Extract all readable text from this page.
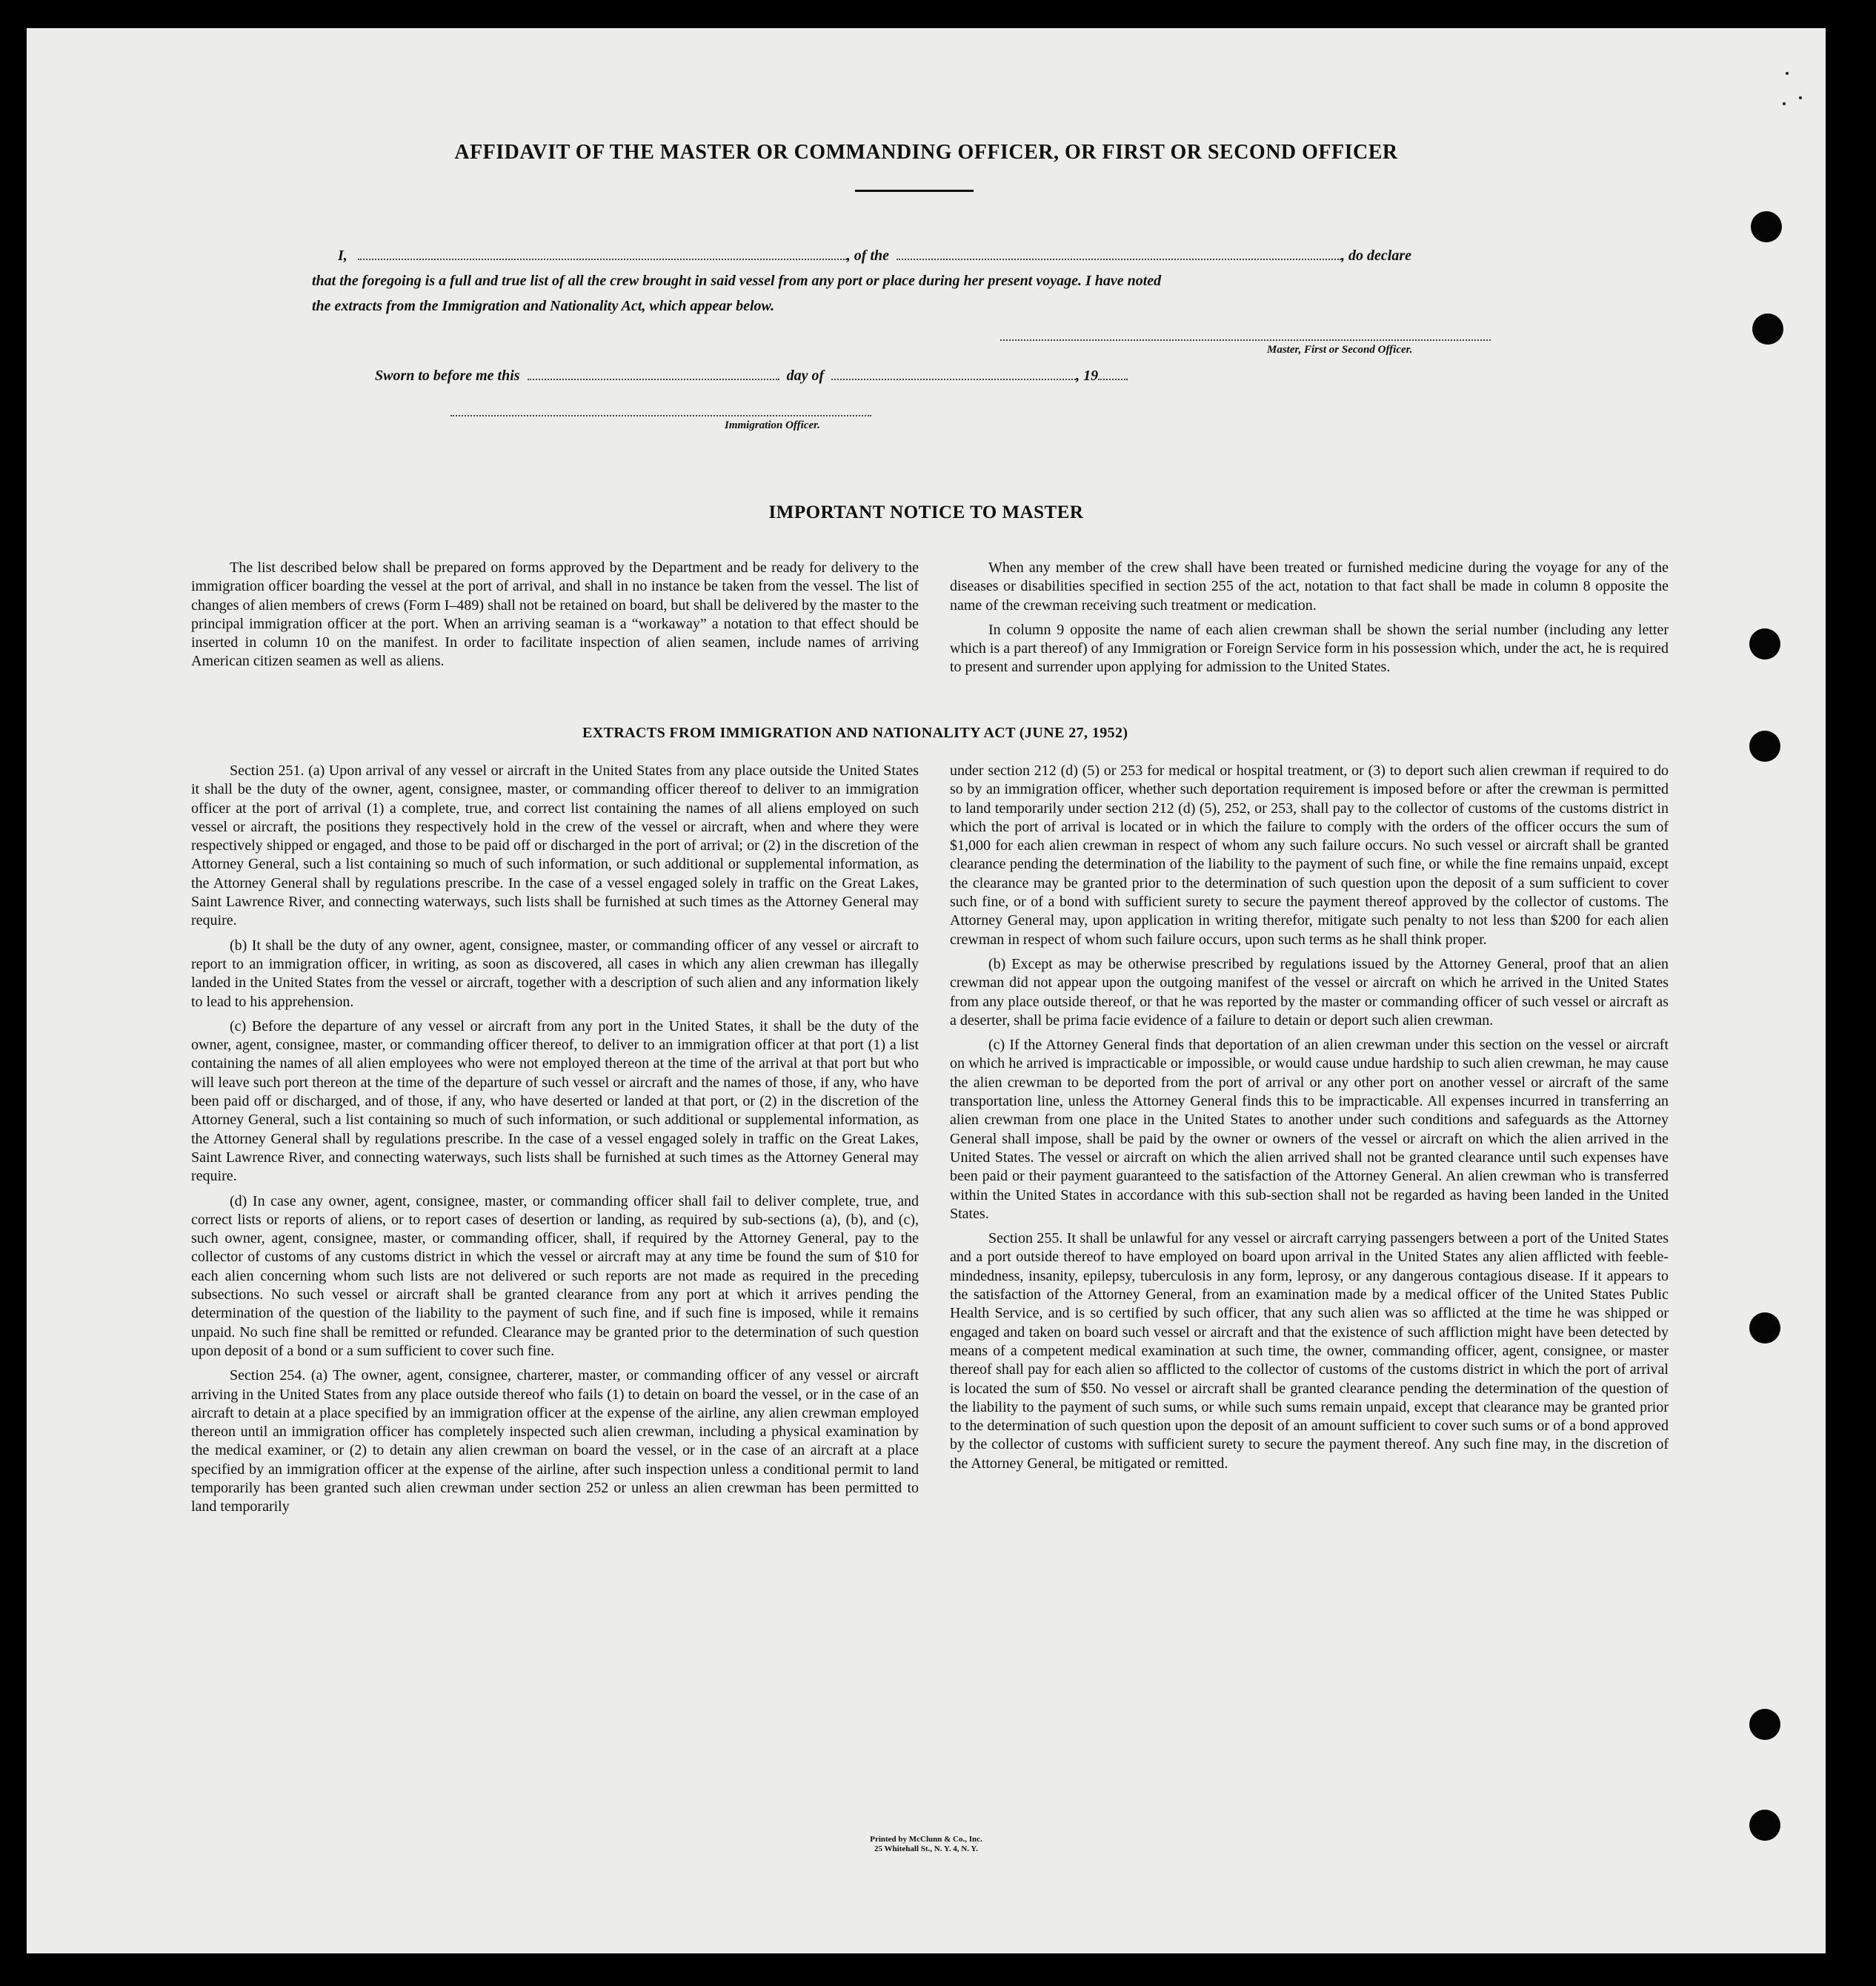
AFFIDAVIT OF THE MASTER OR COMMANDING OFFICER, OR FIRST OR SECOND OFFICER
I,	, of the	, do declare
that the foregoing is a full and true list of all the crew brought in said vessel from any port or place during her present voyage. I have noted
the extracts from the Immigration and Nationality Act, which appear below.
Master, First or Second Officer.
Sworn to before me this	day of	, 19
Immigration Officer.
IMPORTANT NOTICE TO MASTER

The list described below shall be prepared on forms approved by the Department and be ready for delivery to the immigration officer boarding the vessel at the port of arrival, and shall in no instance be taken from the vessel. The list of changes of alien members of crews (Form I–489) shall not be retained on board, but shall be delivered by the master to the principal immigration officer at the port. When an arriving seaman is a “workaway” a notation to that effect should be inserted in column 10 on the manifest. In order to facilitate inspection of alien seamen, include names of arriving American citizen seamen as well as aliens.

When any member of the crew shall have been treated or furnished medicine during the voyage for any of the diseases or disabilities specified in section 255 of the act, notation to that fact shall be made in column 8 opposite the name of the crewman receiving such treatment or medication.

In column 9 opposite the name of each alien crewman shall be shown the serial number (including any letter which is a part thereof) of any Immigration or Foreign Service form in his possession which, under the act, he is required to present and surrender upon applying for admission to the United States.

EXTRACTS FROM IMMIGRATION AND NATIONALITY ACT (JUNE 27, 1952)

Section 251. (a) Upon arrival of any vessel or aircraft in the United States from any place outside the United States it shall be the duty of the owner, agent, consignee, master, or commanding officer thereof to deliver to an immigration officer at the port of arrival (1) a complete, true, and correct list containing the names of all aliens employed on such vessel or aircraft, the positions they respectively hold in the crew of the vessel or aircraft, when and where they were respectively shipped or engaged, and those to be paid off or discharged in the port of arrival; or (2) in the discretion of the Attorney General, such a list containing so much of such information, or such additional or supplemental information, as the Attorney General shall by regulations prescribe. In the case of a vessel engaged solely in traffic on the Great Lakes, Saint Lawrence River, and connecting waterways, such lists shall be furnished at such times as the Attorney General may require.

(b) It shall be the duty of any owner, agent, consignee, master, or commanding officer of any vessel or aircraft to report to an immigration officer, in writing, as soon as discovered, all cases in which any alien crewman has illegally landed in the United States from the vessel or aircraft, together with a description of such alien and any information likely to lead to his apprehension.

(c) Before the departure of any vessel or aircraft from any port in the United States, it shall be the duty of the owner, agent, consignee, master, or commanding officer thereof, to deliver to an immigration officer at that port (1) a list containing the names of all alien employees who were not employed thereon at the time of the arrival at that port but who will leave such port thereon at the time of the departure of such vessel or aircraft and the names of those, if any, who have been paid off or discharged, and of those, if any, who have deserted or landed at that port, or (2) in the discretion of the Attorney General, such a list containing so much of such information, or such additional or supplemental information, as the Attorney General shall by regulations prescribe. In the case of a vessel engaged solely in traffic on the Great Lakes, Saint Lawrence River, and connecting waterways, such lists shall be furnished at such times as the Attorney General may require.

(d) In case any owner, agent, consignee, master, or commanding officer shall fail to deliver complete, true, and correct lists or reports of aliens, or to report cases of desertion or landing, as required by sub-sections (a), (b), and (c), such owner, agent, consignee, master, or commanding officer, shall, if required by the Attorney General, pay to the collector of customs of any customs district in which the vessel or aircraft may at any time be found the sum of $10 for each alien concerning whom such lists are not delivered or such reports are not made as required in the preceding subsections. No such vessel or aircraft shall be granted clearance from any port at which it arrives pending the determination of the question of the liability to the payment of such fine, and if such fine is imposed, while it remains unpaid. No such fine shall be remitted or refunded. Clearance may be granted prior to the determination of such question upon deposit of a bond or a sum sufficient to cover such fine.

Section 254. (a) The owner, agent, consignee, charterer, master, or commanding officer of any vessel or aircraft arriving in the United States from any place outside thereof who fails (1) to detain on board the vessel, or in the case of an aircraft to detain at a place specified by an immigration officer at the expense of the airline, any alien crewman employed thereon until an immigration officer has completely inspected such alien crewman, including a physical examination by the medical examiner, or (2) to detain any alien crewman on board the vessel, or in the case of an aircraft at a place specified by an immigration officer at the expense of the airline, after such inspection unless a conditional permit to land temporarily has been granted such alien crewman under section 252 or unless an alien crewman has been permitted to land temporarily

under section 212 (d) (5) or 253 for medical or hospital treatment, or (3) to deport such alien crewman if required to do so by an immigration officer, whether such deportation requirement is imposed before or after the crewman is permitted to land temporarily under section 212 (d) (5), 252, or 253, shall pay to the collector of customs of the customs district in which the port of arrival is located or in which the failure to comply with the orders of the officer occurs the sum of $1,000 for each alien crewman in respect of whom any such failure occurs. No such vessel or aircraft shall be granted clearance pending the determination of the liability to the payment of such fine, or while the fine remains unpaid, except the clearance may be granted prior to the determination of such question upon the deposit of a sum sufficient to cover such fine, or of a bond with sufficient surety to secure the payment thereof approved by the collector of customs. The Attorney General may, upon application in writing therefor, mitigate such penalty to not less than $200 for each alien crewman in respect of whom such failure occurs, upon such terms as he shall think proper.

(b) Except as may be otherwise prescribed by regulations issued by the Attorney General, proof that an alien crewman did not appear upon the outgoing manifest of the vessel or aircraft on which he arrived in the United States from any place outside thereof, or that he was reported by the master or commanding officer of such vessel or aircraft as a deserter, shall be prima facie evidence of a failure to detain or deport such alien crewman.

(c) If the Attorney General finds that deportation of an alien crewman under this section on the vessel or aircraft on which he arrived is impracticable or impossible, or would cause undue hardship to such alien crewman, he may cause the alien crewman to be deported from the port of arrival or any other port on another vessel or aircraft of the same transportation line, unless the Attorney General finds this to be impracticable. All expenses incurred in transferring an alien crewman from one place in the United States to another under such conditions and safeguards as the Attorney General shall impose, shall be paid by the owner or owners of the vessel or aircraft on which the alien arrived in the United States. The vessel or aircraft on which the alien arrived shall not be granted clearance until such expenses have been paid or their payment guaranteed to the satisfaction of the Attorney General. An alien crewman who is transferred within the United States in accordance with this sub-section shall not be regarded as having been landed in the United States.

Section 255. It shall be unlawful for any vessel or aircraft carrying passengers between a port of the United States and a port outside thereof to have employed on board upon arrival in the United States any alien afflicted with feeble-mindedness, insanity, epilepsy, tuberculosis in any form, leprosy, or any dangerous contagious disease. If it appears to the satisfaction of the Attorney General, from an examination made by a medical officer of the United States Public Health Service, and is so certified by such officer, that any such alien was so afflicted at the time he was shipped or engaged and taken on board such vessel or aircraft and that the existence of such affliction might have been detected by means of a competent medical examination at such time, the owner, commanding officer, agent, consignee, or master thereof shall pay for each alien so afflicted to the collector of customs of the customs district in which the port of arrival is located the sum of $50. No vessel or aircraft shall be granted clearance pending the determination of the question of the liability to the payment of such sums, or while such sums remain unpaid, except that clearance may be granted prior to the determination of such question upon the deposit of an amount sufficient to cover such sums or of a bond approved by the collector of customs with sufficient surety to secure the payment thereof. Any such fine may, in the discretion of the Attorney General, be mitigated or remitted.

Printed by McClunn & Co., Inc.
25 Whitehall St., N. Y. 4, N. Y.
